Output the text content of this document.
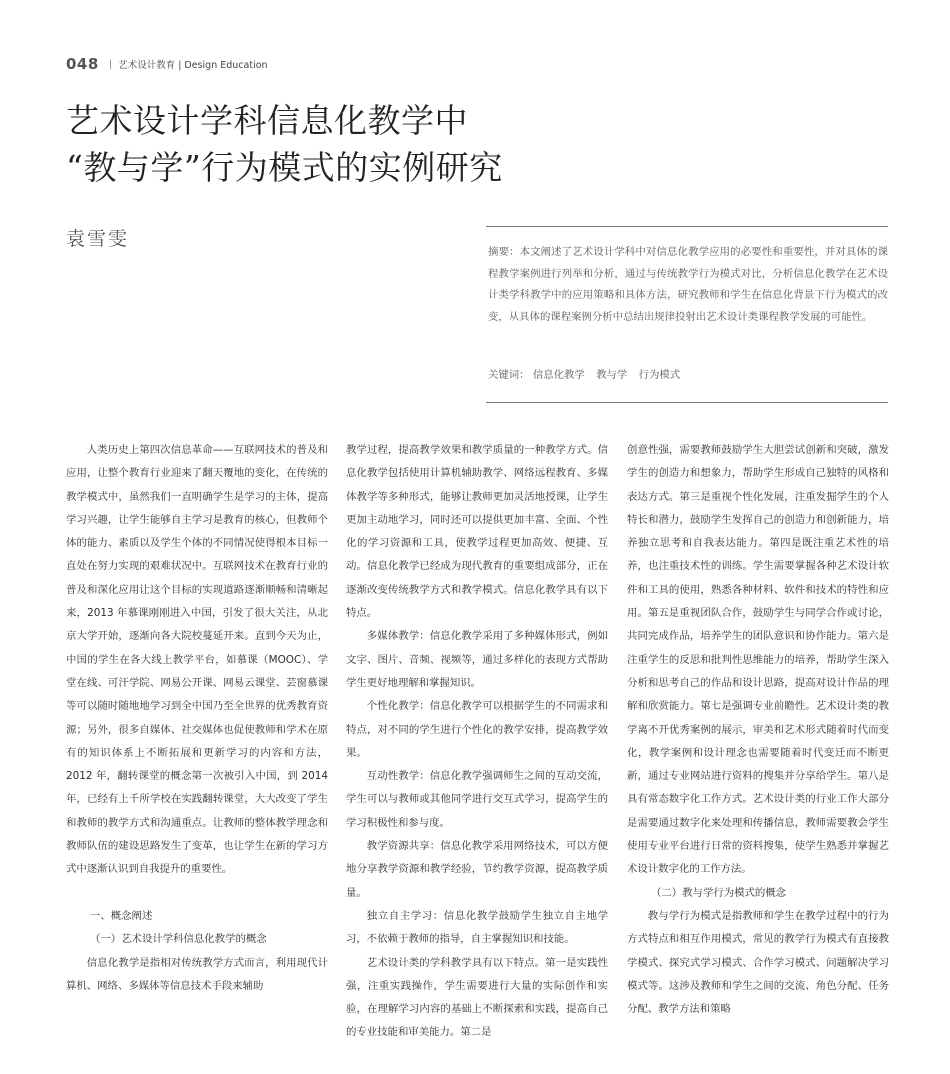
048 | 艺术设计教育 | Design Education
艺术设计学科信息化教学中
“教与学”行为模式的实例研究
袁雪雯
摘要：本文阐述了艺术设计学科中对信息化教学应用的必要性和重要性，并对具体的课程教学案例进行列举和分析，通过与传统教学行为模式对比，分析信息化教学在艺术设计类学科教学中的应用策略和具体方法，研究教师和学生在信息化背景下行为模式的改变，从具体的课程案例分析中总结出规律投射出艺术设计类课程教学发展的可能性。
关键词： 信息化教学 教与学 行为模式

人类历史上第四次信息革命——互联网技术的普及和应用，让整个教育行业迎来了翻天覆地的变化，在传统的教学模式中，虽然我们一直明确学生是学习的主体，提高学习兴趣，让学生能够自主学习是教育的核心，但教师个体的能力、素质以及学生个体的不同情况使得根本目标一直处在努力实现的艰难状况中。互联网技术在教育行业的普及和深化应用让这个目标的实现道路逐渐顺畅和清晰起来，2013 年慕课刚刚进入中国，引发了很大关注，从北京大学开始，逐渐向各大院校蔓延开来。直到今天为止，中国的学生在各大线上教学平台，如慕课（MOOC）、学堂在线、可汗学院、网易公开课、网易云课堂、芸窗慕课等可以随时随地地学习到全中国乃至全世界的优秀教育资源；另外，很多自媒体、社交媒体也促使教师和学术在原有的知识体系上不断拓展和更新学习的内容和方法，2012 年，翻转课堂的概念第一次被引入中国，到 2014 年，已经有上千所学校在实践翻转课堂，大大改变了学生和教师的教学方式和沟通重点。让教师的整体教学理念和教师队伍的建设思路发生了变革，也让学生在新的学习方式中逐渐认识到自我提升的重要性。

一、概念阐述

（一）艺术设计学科信息化教学的概念

信息化教学是指相对传统教学方式而言，利用现代计算机、网络、多媒体等信息技术手段来辅助

教学过程，提高教学效果和教学质量的一种教学方式。信息化教学包括使用计算机辅助教学、网络远程教育、多媒体教学等多种形式，能够让教师更加灵活地授课，让学生更加主动地学习，同时还可以提供更加丰富、全面、个性化的学习资源和工具，使教学过程更加高效、便捷、互动。信息化教学已经成为现代教育的重要组成部分，正在逐渐改变传统教学方式和教学模式。信息化教学具有以下特点。

多媒体教学：信息化教学采用了多种媒体形式，例如文字、图片、音频、视频等，通过多样化的表现方式帮助学生更好地理解和掌握知识。

个性化教学：信息化教学可以根据学生的不同需求和特点，对不同的学生进行个性化的教学安排，提高教学效果。

互动性教学：信息化教学强调师生之间的互动交流，学生可以与教师或其他同学进行交互式学习，提高学生的学习积极性和参与度。

教学资源共享：信息化教学采用网络技术，可以方便地分享教学资源和教学经验，节约教学资源，提高教学质量。

独立自主学习：信息化教学鼓励学生独立自主地学习，不依赖于教师的指导，自主掌握知识和技能。

艺术设计类的学科教学具有以下特点。第一是实践性强，注重实践操作，学生需要进行大量的实际创作和实验，在理解学习内容的基础上不断探索和实践，提高自己的专业技能和审美能力。第二是

创意性强，需要教师鼓励学生大胆尝试创新和突破，激发学生的创造力和想象力，帮助学生形成自己独特的风格和表达方式。第三是重视个性化发展，注重发掘学生的个人特长和潜力，鼓励学生发挥自己的创造力和创新能力，培养独立思考和自我表达能力。第四是既注重艺术性的培养，也注重技术性的训练。学生需要掌握各种艺术设计软件和工具的使用，熟悉各种材料、软件和技术的特性和应用。第五是重视团队合作，鼓励学生与同学合作或讨论，共同完成作品，培养学生的团队意识和协作能力。第六是注重学生的反思和批判性思维能力的培养，帮助学生深入分析和思考自己的作品和设计思路，提高对设计作品的理解和欣赏能力。第七是强调专业前瞻性。艺术设计类的教学离不开优秀案例的展示，审美和艺术形式随着时代而变化，教学案例和设计理念也需要随着时代变迁而不断更新，通过专业网站进行资料的搜集并分享给学生。第八是具有常态数字化工作方式。艺术设计类的行业工作大部分是需要通过数字化来处理和传播信息，教师需要教会学生使用专业平台进行日常的资料搜集，使学生熟悉并掌握艺术设计数字化的工作方法。

（二）教与学行为模式的概念

教与学行为模式是指教师和学生在教学过程中的行为方式特点和相互作用模式，常见的教学行为模式有直接教学模式、探究式学习模式、合作学习模式、问题解决学习模式等。这涉及教师和学生之间的交流、角色分配、任务分配、教学方法和策略
